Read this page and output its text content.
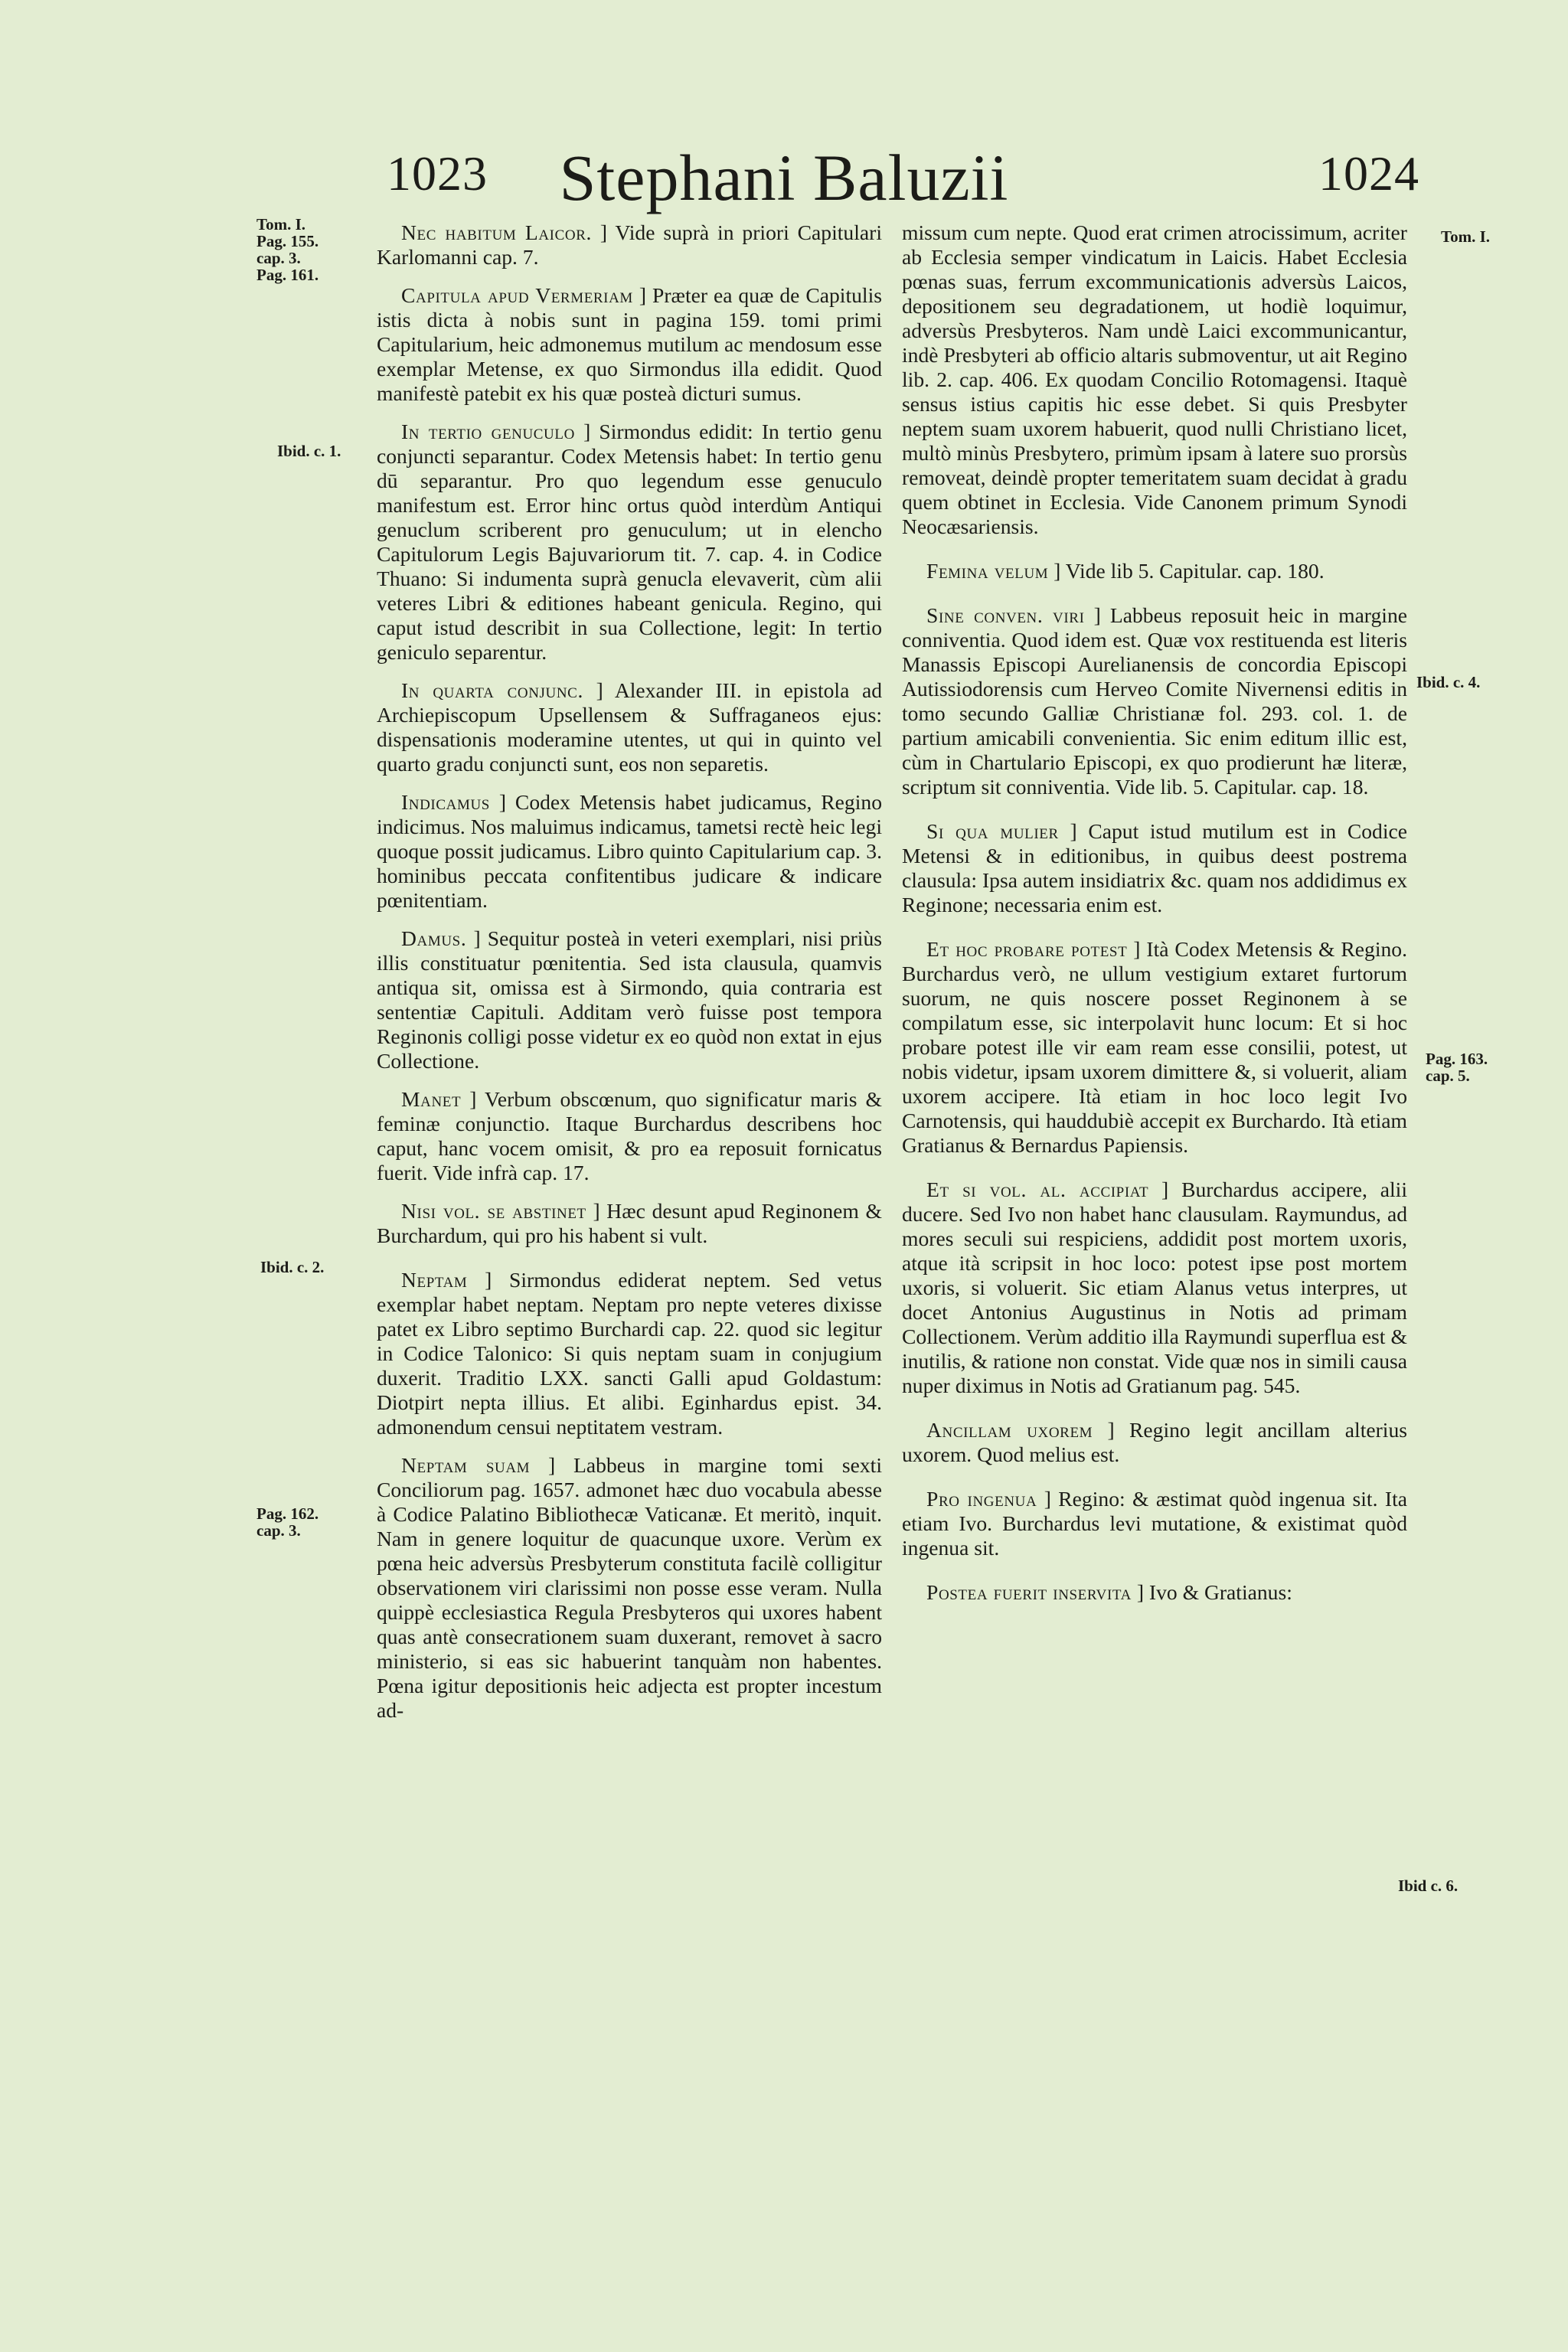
1023	Stephani Baluzii	1024
Tom. I.
Pag. 155.
cap. 3.
Pag. 161.
Ibid. c. 1.
Ibid. c. 2.
Pag. 162.
cap. 3.
Tom. I.
Ibid. c. 4.
Pag. 163.
cap. 5.
Ibid c. 6.

Nec habitum Laicor. ] Vide suprà in priori Capitulari Karlomanni cap. 7.

Capitula apud Vermeriam ] Præter ea quæ de Capitulis istis dicta à nobis sunt in pagina 159. tomi primi Capitularium, heic admonemus mutilum ac mendosum esse exemplar Metense, ex quo Sirmondus illa edidit. Quod manifestè patebit ex his quæ posteà dicturi sumus.

In tertio genuculo ] Sirmondus edidit: In tertio genu conjuncti separantur. Codex Metensis habet: In tertio genu dū separantur. Pro quo legendum esse genuculo manifestum est. Error hinc ortus quòd interdùm Antiqui genuclum scriberent pro genuculum; ut in elencho Capitulorum Legis Bajuvariorum tit. 7. cap. 4. in Codice Thuano: Si indumenta suprà genucla elevaverit, cùm alii veteres Libri & editiones habeant genicula. Regino, qui caput istud describit in sua Collectione, legit: In tertio geniculo separentur.

In quarta conjunc. ] Alexander III. in epistola ad Archiepiscopum Upsellensem & Suffraganeos ejus: dispensationis moderamine utentes, ut qui in quinto vel quarto gradu conjuncti sunt, eos non separetis.

Indicamus ] Codex Metensis habet judicamus, Regino indicimus. Nos maluimus indicamus, tametsi rectè heic legi quoque possit judicamus. Libro quinto Capitularium cap. 3. hominibus peccata confitentibus judicare & indicare pœnitentiam.

Damus. ] Sequitur posteà in veteri exemplari, nisi priùs illis constituatur pœnitentia. Sed ista clausula, quamvis antiqua sit, omissa est à Sirmondo, quia contraria est sententiæ Capituli. Additam verò fuisse post tempora Reginonis colligi posse videtur ex eo quòd non extat in ejus Collectione.

Manet ] Verbum obscœnum, quo significatur maris & feminæ conjunctio. Itaque Burchardus describens hoc caput, hanc vocem omisit, & pro ea reposuit fornicatus fuerit. Vide infrà cap. 17.

Nisi vol. se abstinet ] Hæc desunt apud Reginonem & Burchardum, qui pro his habent si vult.

Neptam ] Sirmondus ediderat neptem. Sed vetus exemplar habet neptam. Neptam pro nepte veteres dixisse patet ex Libro septimo Burchardi cap. 22. quod sic legitur in Codice Talonico: Si quis neptam suam in conjugium duxerit. Traditio LXX. sancti Galli apud Goldastum: Diotpirt nepta illius. Et alibi. Eginhardus epist. 34. admonendum censui neptitatem vestram.

Neptam suam ] Labbeus in margine tomi sexti Conciliorum pag. 1657. admonet hæc duo vocabula abesse à Codice Palatino Bibliothecæ Vaticanæ. Et meritò, inquit. Nam in genere loquitur de quacunque uxore. Verùm ex pœna heic adversùs Presbyterum constituta facilè colligitur observationem viri clarissimi non posse esse veram. Nulla quippè ecclesiastica Regula Presbyteros qui uxores habent quas antè consecrationem suam duxerant, removet à sacro ministerio, si eas sic habuerint tanquàm non habentes. Pœna igitur depositionis heic adjecta est propter incestum ad-

missum cum nepte. Quod erat crimen atrocissimum, acriter ab Ecclesia semper vindicatum in Laicis. Habet Ecclesia pœnas suas, ferrum excommunicationis adversùs Laicos, depositionem seu degradationem, ut hodiè loquimur, adversùs Presbyteros. Nam undè Laici excommunicantur, indè Presbyteri ab officio altaris submoventur, ut ait Regino lib. 2. cap. 406. Ex quodam Concilio Rotomagensi. Itaquè sensus istius capitis hic esse debet. Si quis Presbyter neptem suam uxorem habuerit, quod nulli Christiano licet, multò minùs Presbytero, primùm ipsam à latere suo prorsùs removeat, deindè propter temeritatem suam decidat à gradu quem obtinet in Ecclesia. Vide Canonem primum Synodi Neocæsariensis.

Femina velum ] Vide lib 5. Capitular. cap. 180.

Sine conven. viri ] Labbeus reposuit heic in margine conniventia. Quod idem est. Quæ vox restituenda est literis Manassis Episcopi Aurelianensis de concordia Episcopi Autissiodorensis cum Herveo Comite Nivernensi editis in tomo secundo Galliæ Christianæ fol. 293. col. 1. de partium amicabili convenientia. Sic enim editum illic est, cùm in Chartulario Episcopi, ex quo prodierunt hæ literæ, scriptum sit conniventia. Vide lib. 5. Capitular. cap. 18.

Si qua mulier ] Caput istud mutilum est in Codice Metensi & in editionibus, in quibus deest postrema clausula: Ipsa autem insidiatrix &c. quam nos addidimus ex Reginone; necessaria enim est.

Et hoc probare potest ] Ità Codex Metensis & Regino. Burchardus verò, ne ullum vestigium extaret furtorum suorum, ne quis noscere posset Reginonem à se compilatum esse, sic interpolavit hunc locum: Et si hoc probare potest ille vir eam ream esse consilii, potest, ut nobis videtur, ipsam uxorem dimittere &, si voluerit, aliam uxorem accipere. Ità etiam in hoc loco legit Ivo Carnotensis, qui hauddubiè accepit ex Burchardo. Ità etiam Gratianus & Bernardus Papiensis.

Et si vol. al. accipiat ] Burchardus accipere, alii ducere. Sed Ivo non habet hanc clausulam. Raymundus, ad mores seculi sui respiciens, addidit post mortem uxoris, atque ità scripsit in hoc loco: potest ipse post mortem uxoris, si voluerit. Sic etiam Alanus vetus interpres, ut docet Antonius Augustinus in Notis ad primam Collectionem. Verùm additio illa Raymundi superflua est & inutilis, & ratione non constat. Vide quæ nos in simili causa nuper diximus in Notis ad Gratianum pag. 545.

Ancillam uxorem ] Regino legit ancillam alterius uxorem. Quod melius est.

Pro ingenua ] Regino: & æstimat quòd ingenua sit. Ita etiam Ivo. Burchardus levi mutatione, & existimat quòd ingenua sit.

Postea fuerit inservita ] Ivo & Gratianus:
